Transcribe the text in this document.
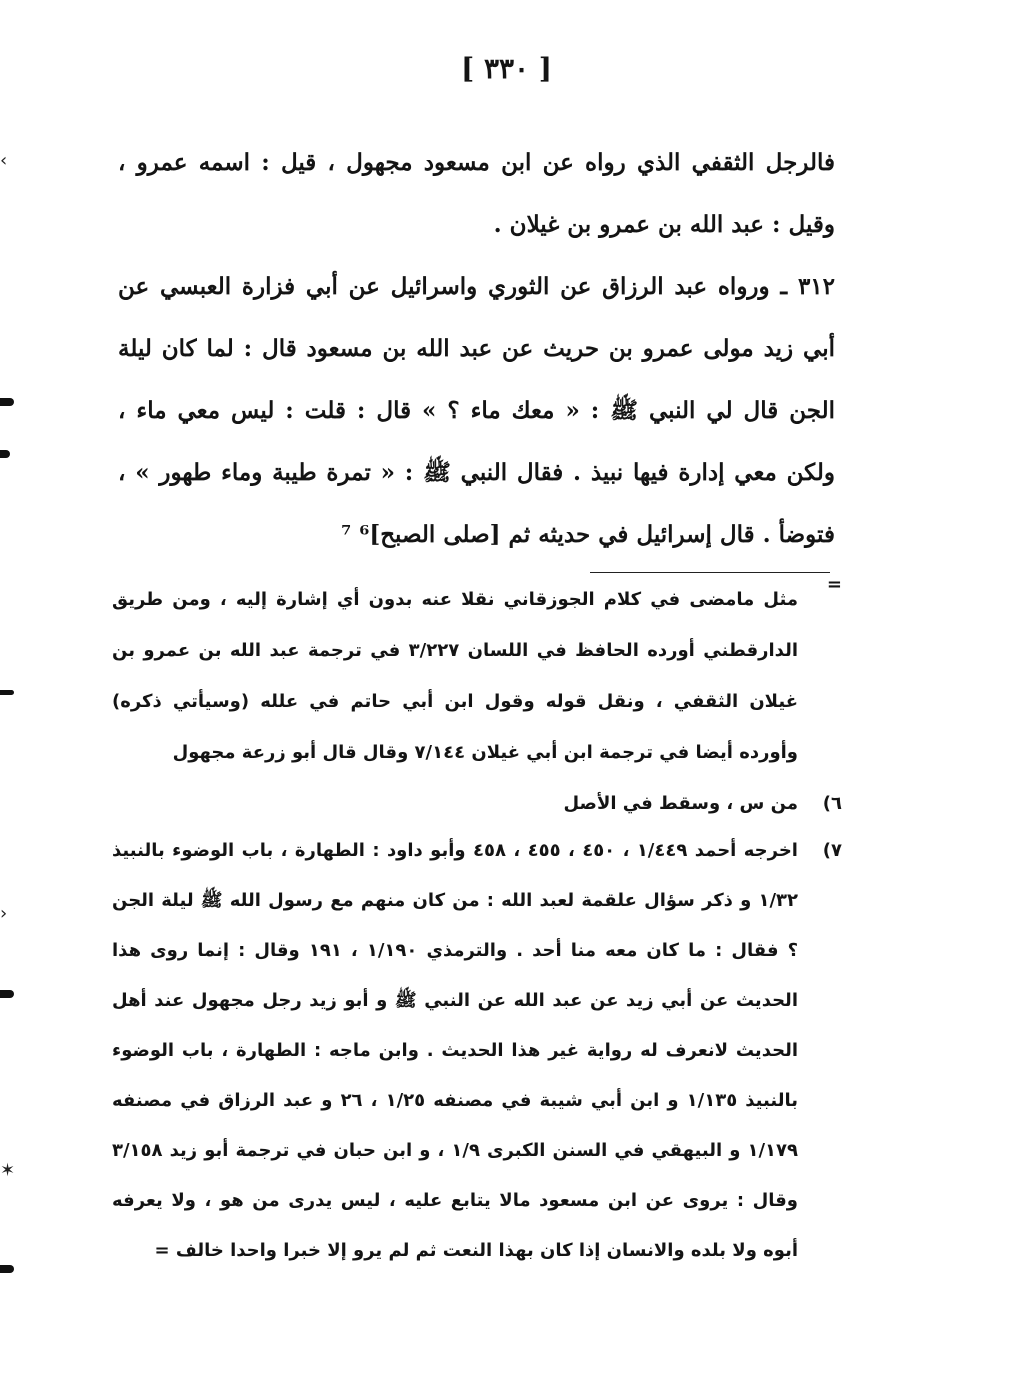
[ ٣٣٠ ]

فالرجل الثقفي الذي رواه عن ابن مسعود مجهول ، قيل : اسمه عمرو ، وقيل : عبد الله بن عمرو بن غيلان .

٣١٢ ـ ورواه عبد الرزاق عن الثوري واسرائيل عن أبي فزارة العبسي عن أبي زيد مولى عمرو بن حريث عن عبد الله بن مسعود قال : لما كان ليلة الجن قال لي النبي ﷺ : « معك ماء ؟ » قال : قلت : ليس معي ماء ، ولكن معي إدارة فيها نبيذ . فقال النبي ﷺ : « تمرة طيبة وماء طهور » ، فتوضأ . قال إسرائيل في حديثه ثم [صلى الصبح]⁶ ⁷

=
مثل مامضى في كلام الجوزقاني نقلا عنه بدون أي إشارة إليه ، ومن طريق الدارقطني أورده الحافظ في اللسان ٣/٢٢٧ في ترجمة عبد الله بن عمرو بن غيلان الثقفي ، ونقل قوله وقول ابن أبي حاتم في علله (وسيأتي ذكره) وأورده أيضا في ترجمة ابن أبي غيلان ٧/١٤٤ وقال قال أبو زرعة مجهول
٦)
من س ، وسقط في الأصل
٧)
اخرجه أحمد ١/٤٤٩ ، ٤٥٠ ، ٤٥٥ ، ٤٥٨ وأبو داود : الطهارة ، باب الوضوء بالنبيذ ١/٣٢ و ذكر سؤال علقمة لعبد الله : من كان منهم مع رسول الله ﷺ ليلة الجن ؟ فقال : ما كان معه منا أحد . والترمذي ١/١٩٠ ، ١٩١ وقال : إنما روى هذا الحديث عن أبي زيد عن عبد الله عن النبي ﷺ و أبو زيد رجل مجهول عند أهل الحديث لانعرف له رواية غير هذا الحديث . وابن ماجه : الطهارة ، باب الوضوء بالنبيذ ١/١٣٥ و ابن أبي شيبة في مصنفه ١/٢٥ ، ٢٦ و عبد الرزاق في مصنفه ١/١٧٩ و البيهقي في السنن الكبرى ١/٩ ، و ابن حبان في ترجمة أبو زيد ٣/١٥٨ وقال : يروى عن ابن مسعود مالا يتابع عليه ، ليس يدرى من هو ، ولا يعرفه أبوه ولا بلده والانسان إذا كان بهذا النعت ثم لم يرو إلا خبرا واحدا خالف =
‹
›
✶
